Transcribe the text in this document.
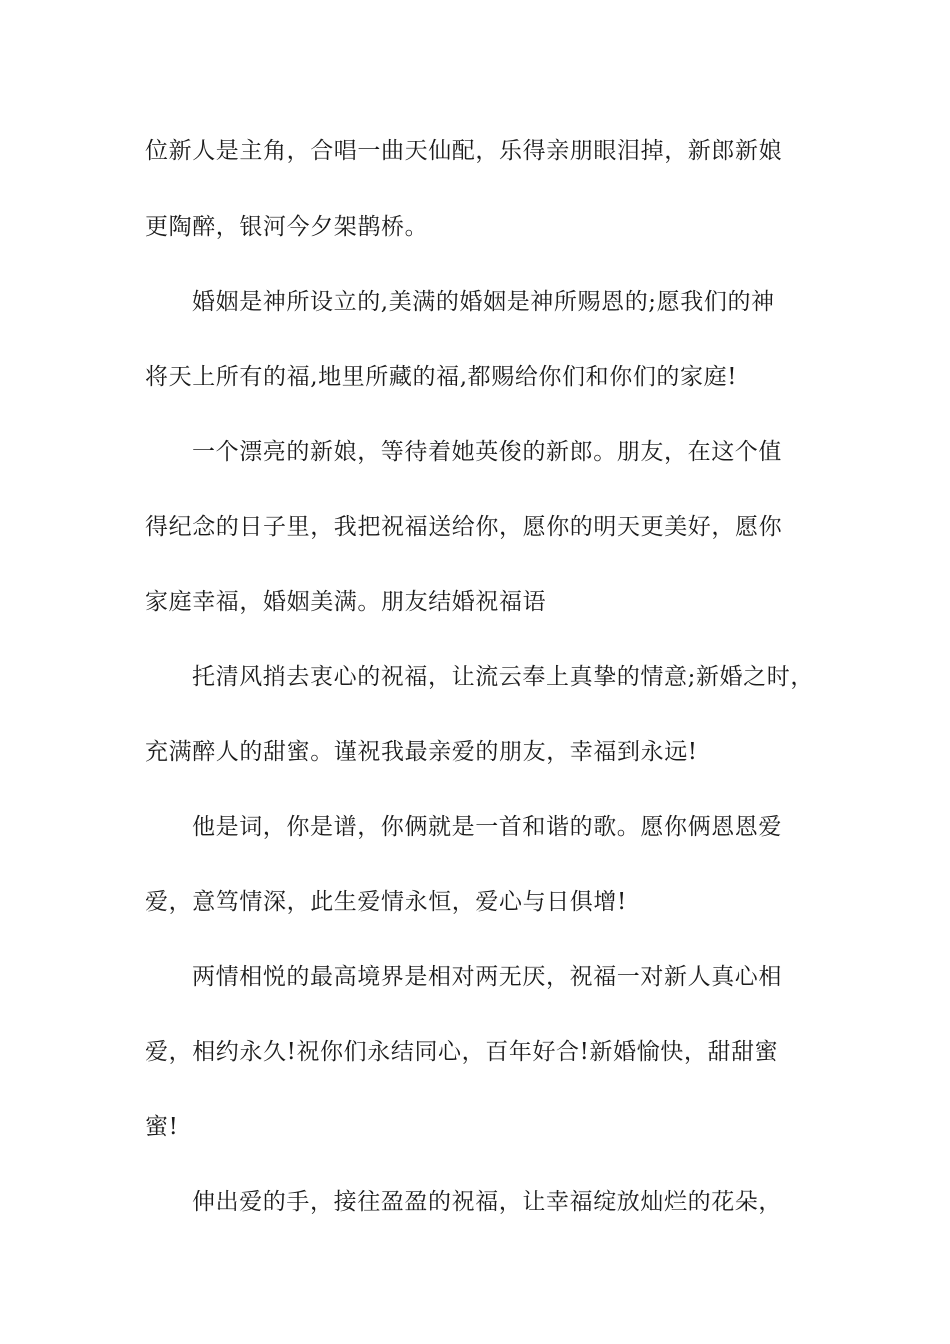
位新人是主角，合唱一曲天仙配，乐得亲朋眼泪掉，新郎新娘
更陶醉，银河今夕架鹊桥。
婚姻是神所设立的,美满的婚姻是神所赐恩的;愿我们的神
将天上所有的福,地里所藏的福,都赐给你们和你们的家庭!
一个漂亮的新娘，等待着她英俊的新郎。朋友，在这个值
得纪念的日子里，我把祝福送给你，愿你的明天更美好，愿你
家庭幸福，婚姻美满。朋友结婚祝福语
托清风捎去衷心的祝福，让流云奉上真挚的情意;新婚之时，
充满醉人的甜蜜。谨祝我最亲爱的朋友，幸福到永远!
他是词，你是谱，你俩就是一首和谐的歌。愿你俩恩恩爱
爱，意笃情深，此生爱情永恒，爱心与日俱增!
两情相悦的最高境界是相对两无厌，祝福一对新人真心相
爱，相约永久!祝你们永结同心，百年好合!新婚愉快，甜甜蜜
蜜!
伸出爱的手，接往盈盈的祝福，让幸福绽放灿烂的花朵，
